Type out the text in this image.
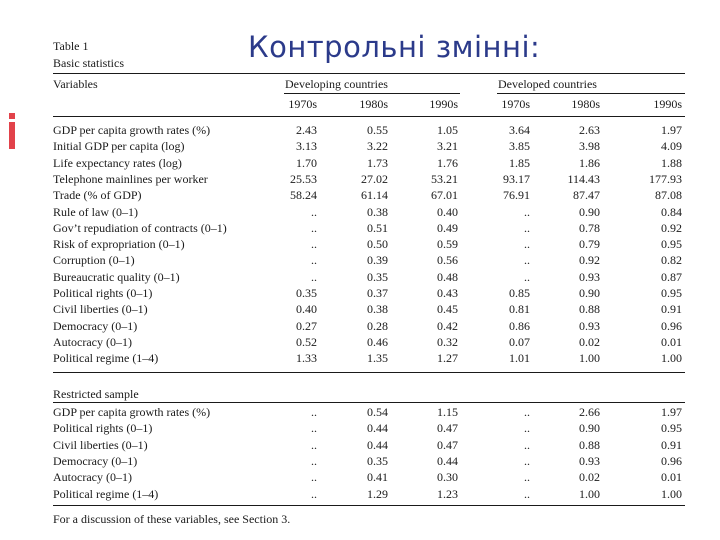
Контрольні змінні:
Table 1
Basic statistics
Variables	Developing countries	Developed countries
1970s	1980s	1990s	1970s	1980s	1990s
GDP per capita growth rates (%)	2.43	0.55	1.05	3.64	2.63	1.97
Initial GDP per capita (log)	3.13	3.22	3.21	3.85	3.98	4.09
Life expectancy rates (log)	1.70	1.73	1.76	1.85	1.86	1.88
Telephone mainlines per worker	25.53	27.02	53.21	93.17	114.43	177.93
Trade (% of GDP)	58.24	61.14	67.01	76.91	87.47	87.08
Rule of law (0–1)	..	0.38	0.40	..	0.90	0.84
Gov’t repudiation of contracts (0–1)	..	0.51	0.49	..	0.78	0.92
Risk of expropriation (0–1)	..	0.50	0.59	..	0.79	0.95
Corruption (0–1)	..	0.39	0.56	..	0.92	0.82
Bureaucratic quality (0–1)	..	0.35	0.48	..	0.93	0.87
Political rights (0–1)	0.35	0.37	0.43	0.85	0.90	0.95
Civil liberties (0–1)	0.40	0.38	0.45	0.81	0.88	0.91
Democracy (0–1)	0.27	0.28	0.42	0.86	0.93	0.96
Autocracy (0–1)	0.52	0.46	0.32	0.07	0.02	0.01
Political regime (1–4)	1.33	1.35	1.27	1.01	1.00	1.00
Restricted sample
GDP per capita growth rates (%)	..	0.54	1.15	..	2.66	1.97
Political rights (0–1)	..	0.44	0.47	..	0.90	0.95
Civil liberties (0–1)	..	0.44	0.47	..	0.88	0.91
Democracy (0–1)	..	0.35	0.44	..	0.93	0.96
Autocracy (0–1)	..	0.41	0.30	..	0.02	0.01
Political regime (1–4)	..	1.29	1.23	..	1.00	1.00
For a discussion of these variables, see Section 3.
